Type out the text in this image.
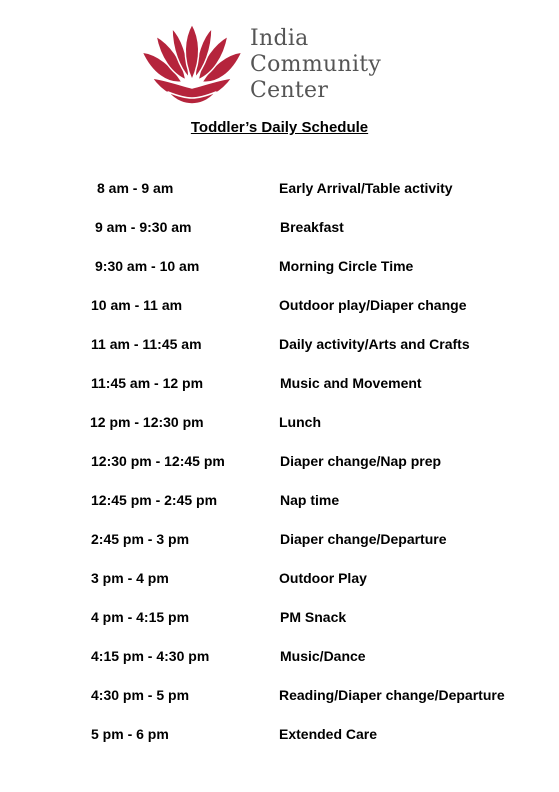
India
Community
Center
Toddler’s Daily Schedule
8 am - 9 am	Early Arrival/Table activity
9 am - 9:30 am	Breakfast
9:30 am - 10 am	Morning Circle Time
10 am - 11 am	Outdoor play/Diaper change
11 am - 11:45 am	Daily activity/Arts and Crafts
11:45 am - 12 pm	Music and Movement
12 pm - 12:30 pm	Lunch
12:30 pm - 12:45 pm	Diaper change/Nap prep
12:45 pm - 2:45 pm	Nap time
2:45 pm - 3 pm	Diaper change/Departure
3 pm - 4 pm	Outdoor Play
4 pm - 4:15 pm	PM Snack
4:15 pm - 4:30 pm	Music/Dance
4:30 pm - 5 pm	Reading/Diaper change/Departure
5 pm - 6 pm	Extended Care
